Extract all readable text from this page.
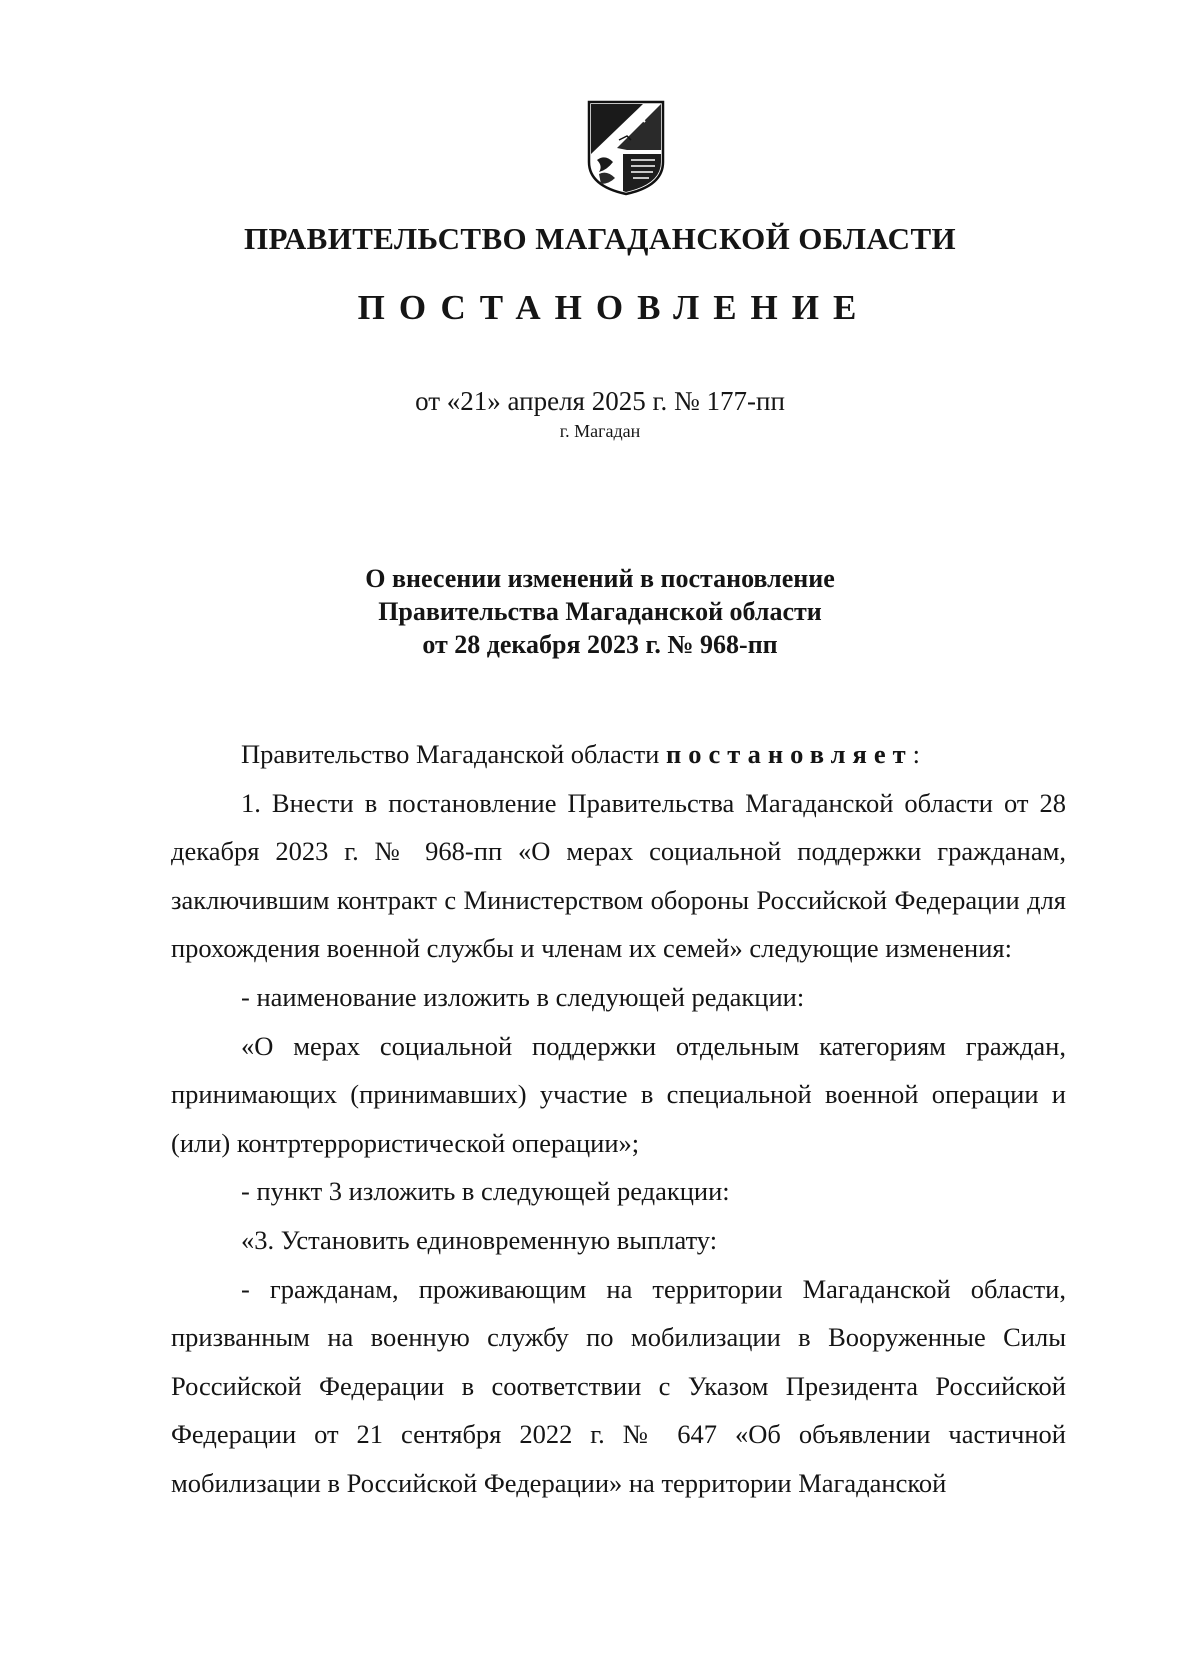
ПРАВИТЕЛЬСТВО МАГАДАНСКОЙ ОБЛАСТИ
ПОСТАНОВЛЕНИЕ
от «21» апреля 2025 г. № 177-пп
г. Магадан
О внесении изменений в постановление
Правительства Магаданской области
от 28 декабря 2023 г. № 968-пп

Правительство Магаданской области постановляет:

1. Внести в постановление Правительства Магаданской области от 28 декабря 2023 г. № 968-пп «О мерах социальной поддержки гражданам, заключившим контракт с Министерством обороны Российской Федерации для прохождения военной службы и членам их семей» следующие изменения:

- наименование изложить в следующей редакции:

«О мерах социальной поддержки отдельным категориям граждан, принимающих (принимавших) участие в специальной военной операции и (или) контртеррористической операции»;

- пункт 3 изложить в следующей редакции:

«3. Установить единовременную выплату:

- гражданам, проживающим на территории Магаданской области, призванным на военную службу по мобилизации в Вооруженные Силы Российской Федерации в соответствии с Указом Президента Российской Федерации от 21 сентября 2022 г. № 647 «Об объявлении частичной мобилизации в Российской Федерации» на территории Магаданской
